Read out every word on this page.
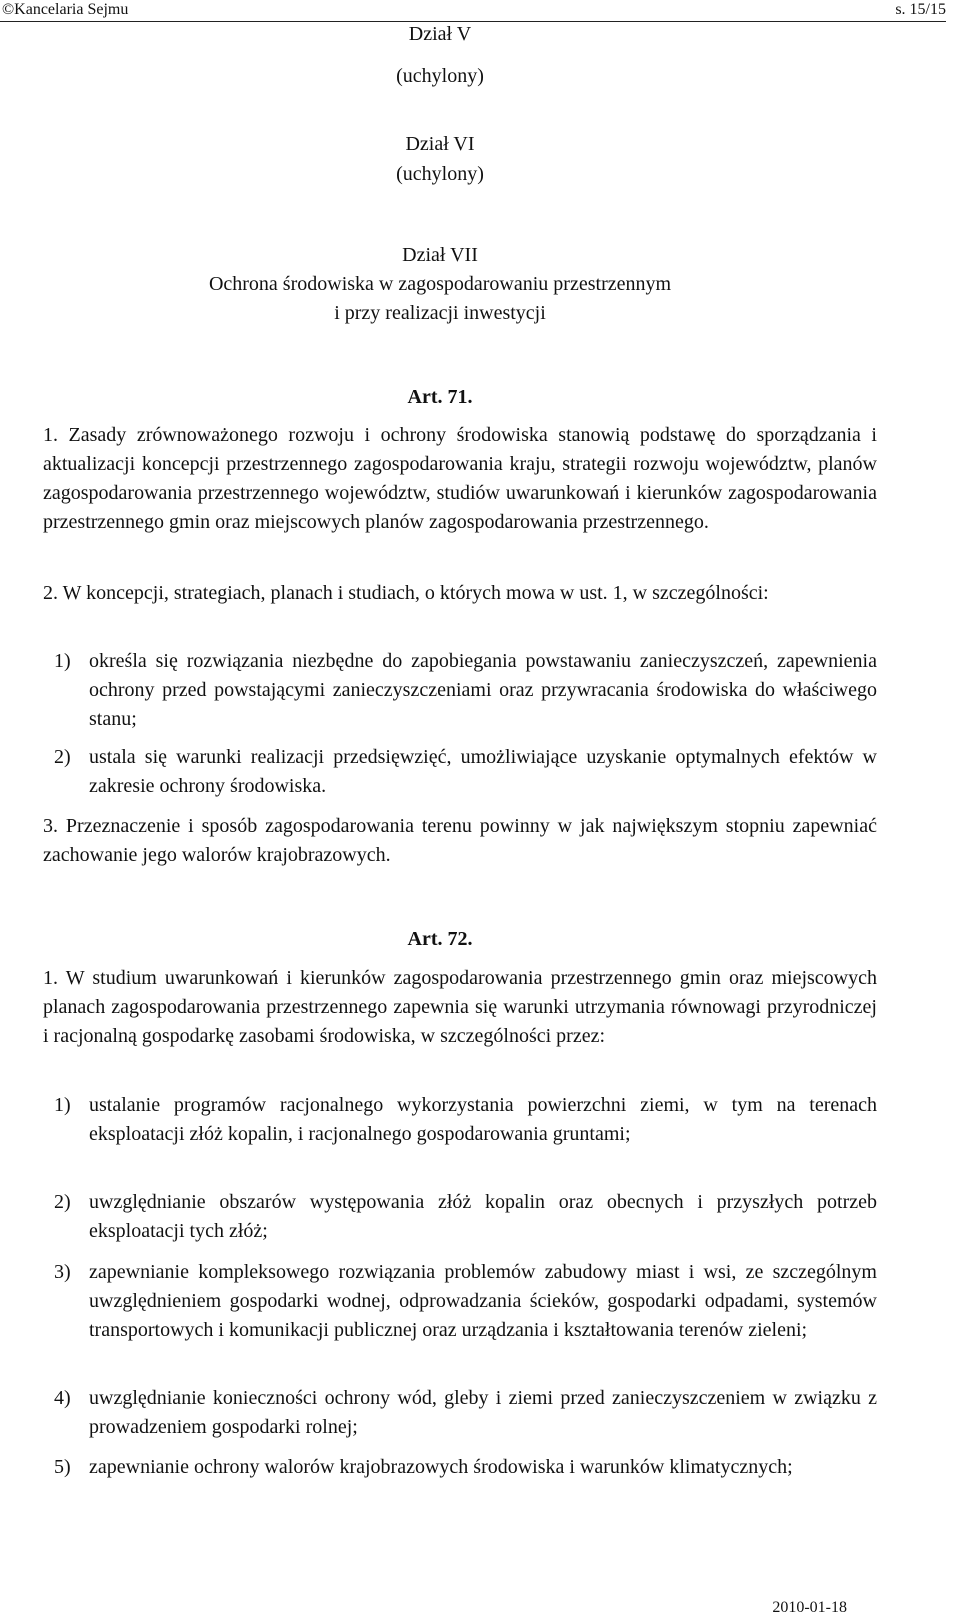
©Kancelaria Sejmu	s. 15/15
Dział V
(uchylony)
Dział VI
(uchylony)
Dział VII
Ochrona środowiska w zagospodarowaniu przestrzennym
i przy realizacji inwestycji
Art. 71.
1. Zasady zrównoważonego rozwoju i ochrony środowiska stanowią podstawę do sporządzania i aktualizacji koncepcji przestrzennego zagospodarowania kraju, strategii rozwoju województw, planów zagospodarowania przestrzennego województw, studiów uwarunkowań i kierunków zagospodarowania przestrzennego gmin oraz miejscowych planów zagospodarowania przestrzennego.
2. W koncepcji, strategiach, planach i studiach, o których mowa w ust. 1, w szczególności:
1) określa się rozwiązania niezbędne do zapobiegania powstawaniu zanieczyszczeń, zapewnienia ochrony przed powstającymi zanieczyszczeniami oraz przywracania środowiska do właściwego stanu;
2) ustala się warunki realizacji przedsięwzięć, umożliwiające uzyskanie optymalnych efektów w zakresie ochrony środowiska.
3. Przeznaczenie i sposób zagospodarowania terenu powinny w jak największym stopniu zapewniać zachowanie jego walorów krajobrazowych.
Art. 72.
1. W studium uwarunkowań i kierunków zagospodarowania przestrzennego gmin oraz miejscowych planach zagospodarowania przestrzennego zapewnia się warunki utrzymania równowagi przyrodniczej i racjonalną gospodarkę zasobami środowiska, w szczególności przez:
1) ustalanie programów racjonalnego wykorzystania powierzchni ziemi, w tym na terenach eksploatacji złóż kopalin, i racjonalnego gospodarowania gruntami;
2) uwzględnianie obszarów występowania złóż kopalin oraz obecnych i przyszłych potrzeb eksploatacji tych złóż;
3) zapewnianie kompleksowego rozwiązania problemów zabudowy miast i wsi, ze szczególnym uwzględnieniem gospodarki wodnej, odprowadzania ścieków, gospodarki odpadami, systemów transportowych i komunikacji publicznej oraz urządzania i kształtowania terenów zieleni;
4) uwzględnianie konieczności ochrony wód, gleby i ziemi przed zanieczyszczeniem w związku z prowadzeniem gospodarki rolnej;
5) zapewnianie ochrony walorów krajobrazowych środowiska i warunków klimatycznych;
2010-01-18
